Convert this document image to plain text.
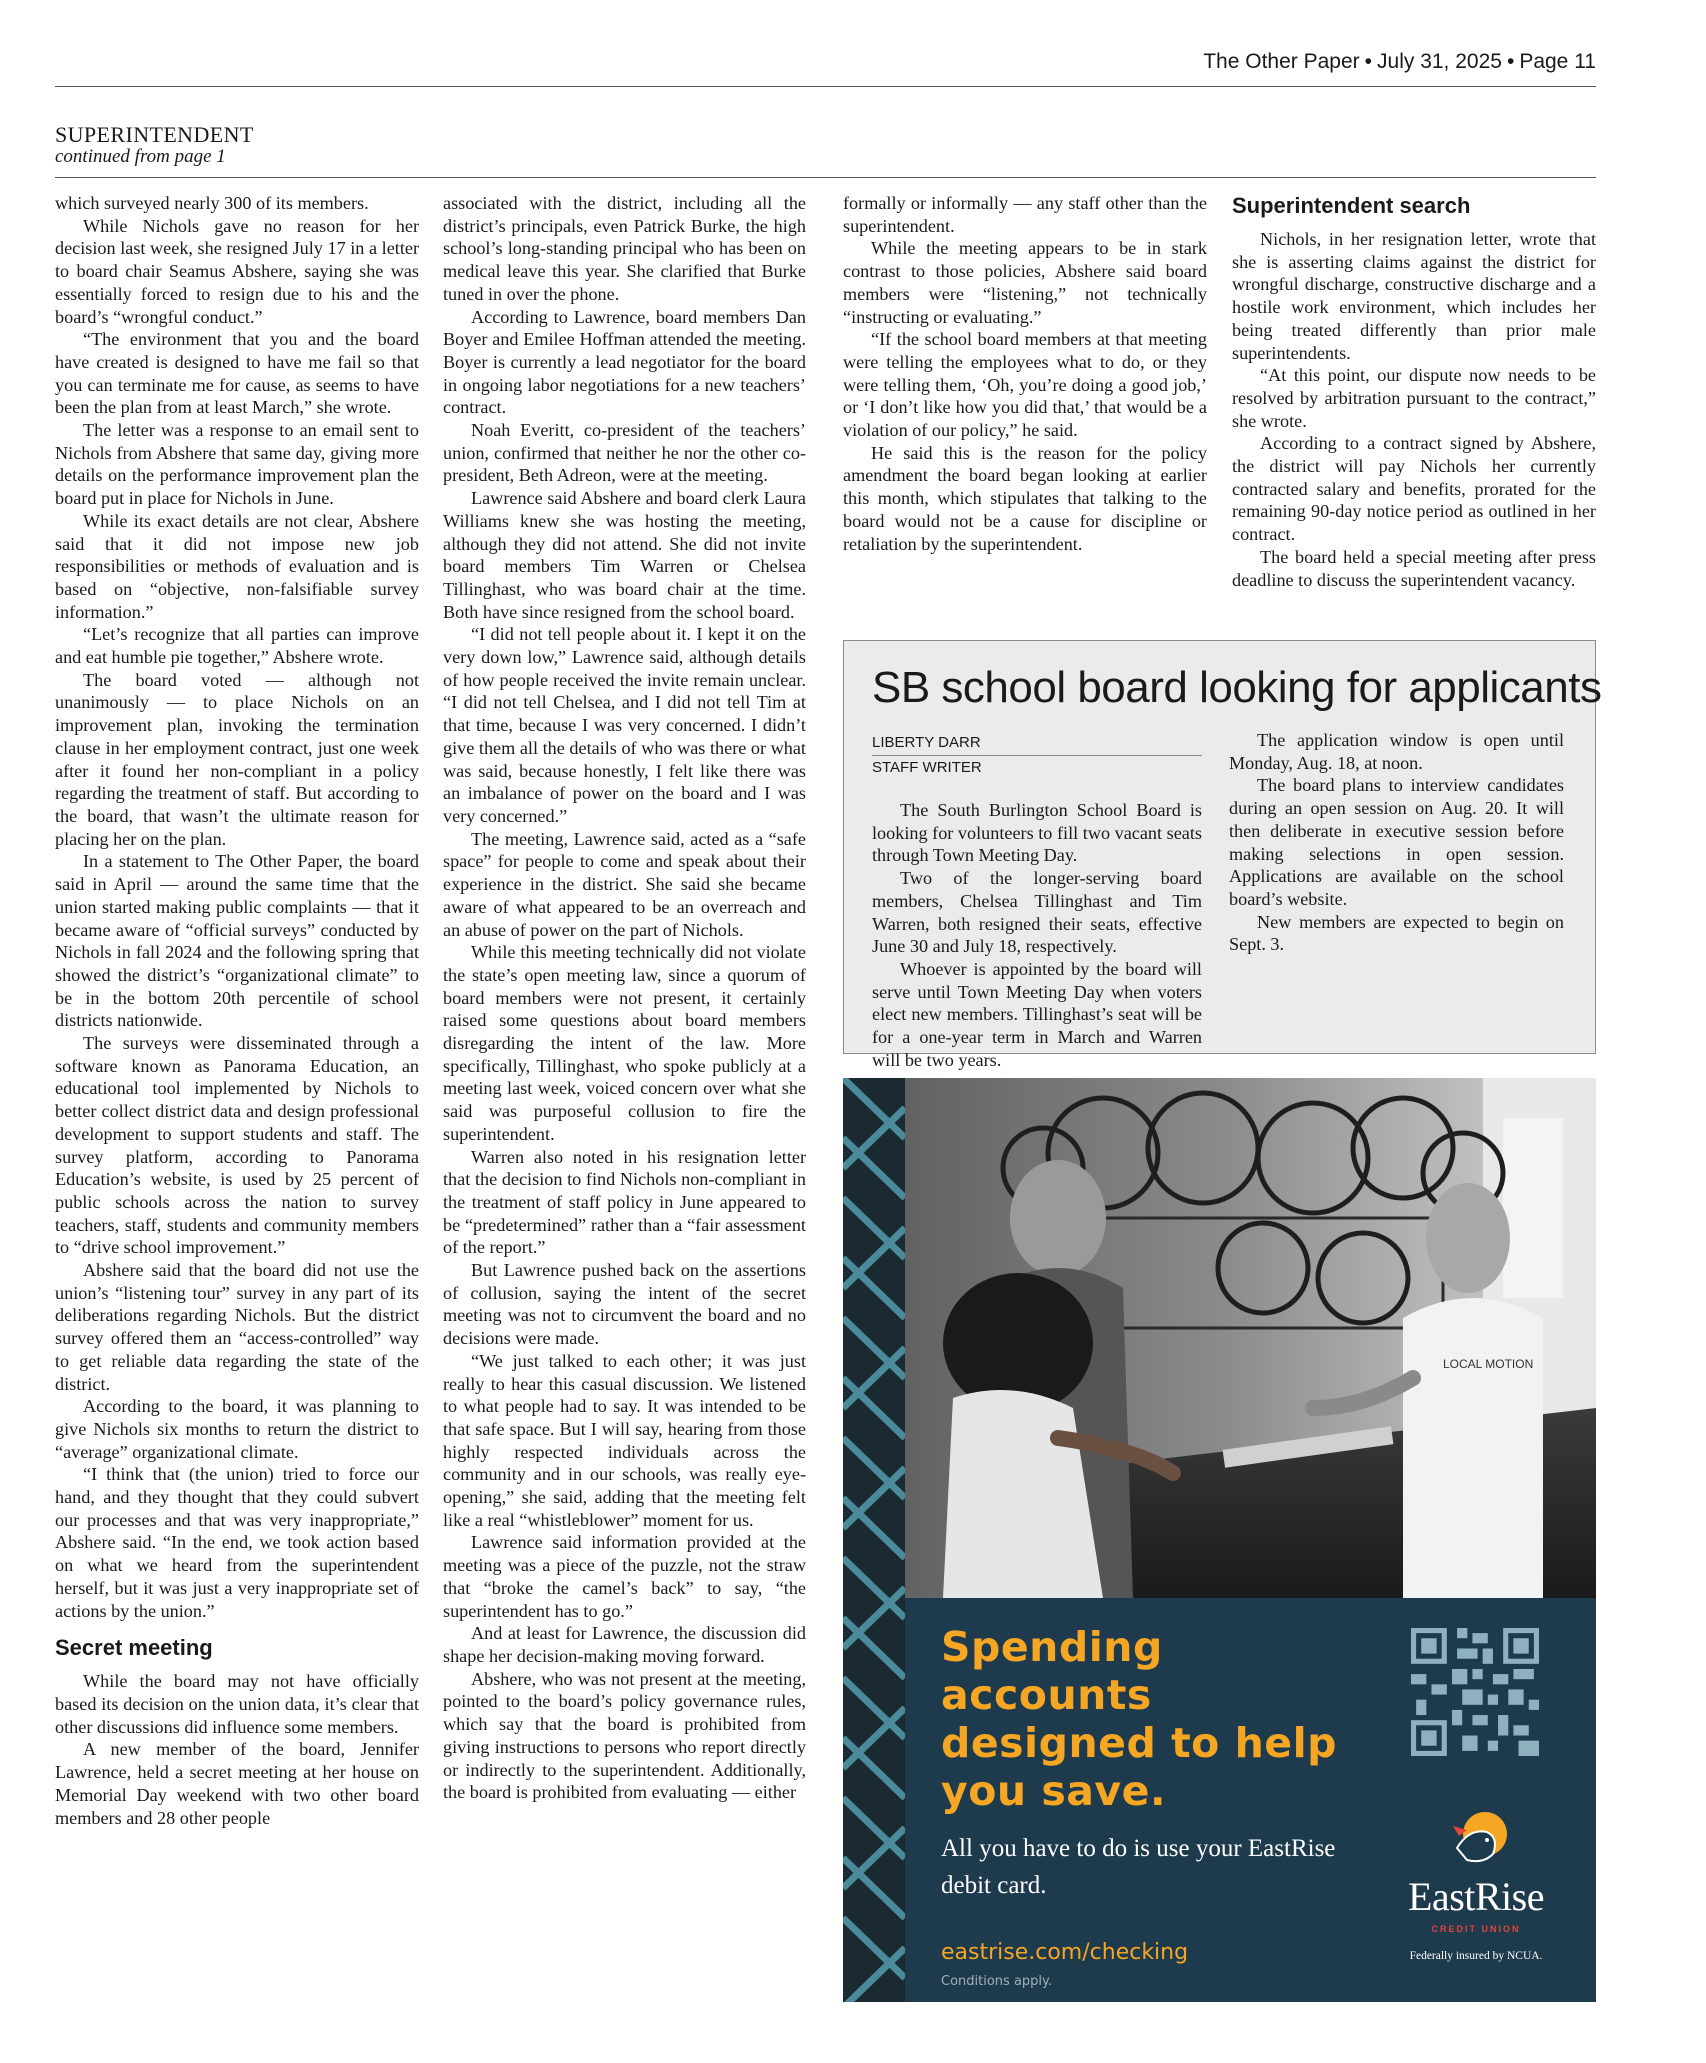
The Other Paper • July 31, 2025 • Page 11
SUPERINTENDENT
continued from page 1

which surveyed nearly 300 of its members.

While Nichols gave no reason for her decision last week, she resigned July 17 in a letter to board chair Seamus Abshere, saying she was essentially forced to resign due to his and the board’s “wrongful conduct.”

“The environment that you and the board have created is designed to have me fail so that you can terminate me for cause, as seems to have been the plan from at least March,” she wrote.

The letter was a response to an email sent to Nichols from Abshere that same day, giving more details on the performance improvement plan the board put in place for Nichols in June.

While its exact details are not clear, Abshere said that it did not impose new job responsibilities or methods of evaluation and is based on “objective, non-falsifiable survey information.”

“Let’s recognize that all parties can improve and eat humble pie together,” Abshere wrote.

The board voted — although not unanimously — to place Nichols on an improvement plan, invoking the termination clause in her employment contract, just one week after it found her non-compliant in a policy regarding the treatment of staff. But according to the board, that wasn’t the ultimate reason for placing her on the plan.

In a statement to The Other Paper, the board said in April — around the same time that the union started making public complaints — that it became aware of “official surveys” conducted by Nichols in fall 2024 and the following spring that showed the district’s “organizational climate” to be in the bottom 20th percentile of school districts nationwide.

The surveys were disseminated through a software known as Panorama Education, an educational tool implemented by Nichols to better collect district data and design professional development to support students and staff. The survey platform, according to Panorama Education’s website, is used by 25 percent of public schools across the nation to survey teachers, staff, students and community members to “drive school improvement.”

Abshere said that the board did not use the union’s “listening tour” survey in any part of its deliberations regarding Nichols. But the district survey offered them an “access-controlled” way to get reliable data regarding the state of the district.

According to the board, it was planning to give Nichols six months to return the district to “average” organizational climate.

“I think that (the union) tried to force our hand, and they thought that they could subvert our processes and that was very inappropriate,” Abshere said. “In the end, we took action based on what we heard from the superintendent herself, but it was just a very inappropriate set of actions by the union.”

Secret meeting

While the board may not have officially based its decision on the union data, it’s clear that other discussions did influence some members.

A new member of the board, Jennifer Lawrence, held a secret meeting at her house on Memorial Day weekend with two other board members and 28 other people

associated with the district, including all the district’s principals, even Patrick Burke, the high school’s long-standing principal who has been on medical leave this year. She clarified that Burke tuned in over the phone.

According to Lawrence, board members Dan Boyer and Emilee Hoffman attended the meeting. Boyer is currently a lead negotiator for the board in ongoing labor negotiations for a new teachers’ contract.

Noah Everitt, co-president of the teachers’ union, confirmed that neither he nor the other co-president, Beth Adreon, were at the meeting.

Lawrence said Abshere and board clerk Laura Williams knew she was hosting the meeting, although they did not attend. She did not invite board members Tim Warren or Chelsea Tillinghast, who was board chair at the time. Both have since resigned from the school board.

“I did not tell people about it. I kept it on the very down low,” Lawrence said, although details of how people received the invite remain unclear. “I did not tell Chelsea, and I did not tell Tim at that time, because I was very concerned. I didn’t give them all the details of who was there or what was said, because honestly, I felt like there was an imbalance of power on the board and I was very concerned.”

The meeting, Lawrence said, acted as a “safe space” for people to come and speak about their experience in the district. She said she became aware of what appeared to be an overreach and an abuse of power on the part of Nichols.

While this meeting technically did not violate the state’s open meeting law, since a quorum of board members were not present, it certainly raised some questions about board members disregarding the intent of the law. More specifically, Tillinghast, who spoke publicly at a meeting last week, voiced concern over what she said was purposeful collusion to fire the superintendent.

Warren also noted in his resignation letter that the decision to find Nichols non-compliant in the treatment of staff policy in June appeared to be “predetermined” rather than a “fair assessment of the report.”

But Lawrence pushed back on the assertions of collusion, saying the intent of the secret meeting was not to circumvent the board and no decisions were made.

“We just talked to each other; it was just really to hear this casual discussion. We listened to what people had to say. It was intended to be that safe space. But I will say, hearing from those highly respected individuals across the community and in our schools, was really eye-opening,” she said, adding that the meeting felt like a real “whistleblower” moment for us.

Lawrence said information provided at the meeting was a piece of the puzzle, not the straw that “broke the camel’s back” to say, “the superintendent has to go.”

And at least for Lawrence, the discussion did shape her decision-making moving forward.

Abshere, who was not present at the meeting, pointed to the board’s policy governance rules, which say that the board is prohibited from giving instructions to persons who report directly or indirectly to the superintendent. Additionally, the board is prohibited from evaluating — either

formally or informally — any staff other than the superintendent.

While the meeting appears to be in stark contrast to those policies, Abshere said board members were “listening,” not technically “instructing or evaluating.”

“If the school board members at that meeting were telling the employees what to do, or they were telling them, ‘Oh, you’re doing a good job,’ or ‘I don’t like how you did that,’ that would be a violation of our policy,” he said.

He said this is the reason for the policy amendment the board began looking at earlier this month, which stipulates that talking to the board would not be a cause for discipline or retaliation by the superintendent.

Superintendent search

Nichols, in her resignation letter, wrote that she is asserting claims against the district for wrongful discharge, constructive discharge and a hostile work environment, which includes her being treated differently than prior male superintendents.

“At this point, our dispute now needs to be resolved by arbitration pursuant to the contract,” she wrote.

According to a contract signed by Abshere, the district will pay Nichols her currently contracted salary and benefits, prorated for the remaining 90-day notice period as outlined in her contract.

The board held a special meeting after press deadline to discuss the superintendent vacancy.

SB school board looking for applicants
LIBERTY DARR
STAFF WRITER

The South Burlington School Board is looking for volunteers to fill two vacant seats through Town Meeting Day.

Two of the longer-serving board members, Chelsea Tillinghast and Tim Warren, both resigned their seats, effective June 30 and July 18, respectively.

Whoever is appointed by the board will serve until Town Meeting Day when voters elect new members. Tillinghast’s seat will be for a one-year term in March and Warren will be two years.

The application window is open until Monday, Aug. 18, at noon.

The board plans to interview candidates during an open session on Aug. 20. It will then deliberate in executive session before making selections in open session. Applications are available on the school board’s website.

New members are expected to begin on Sept. 3.

LOCAL MOTION
Spending accounts designed to help you save.
All you have to do is use your EastRise debit card.
eastrise.com/checking
Conditions apply.
EastRise
CREDIT UNION
Federally insured by NCUA.
